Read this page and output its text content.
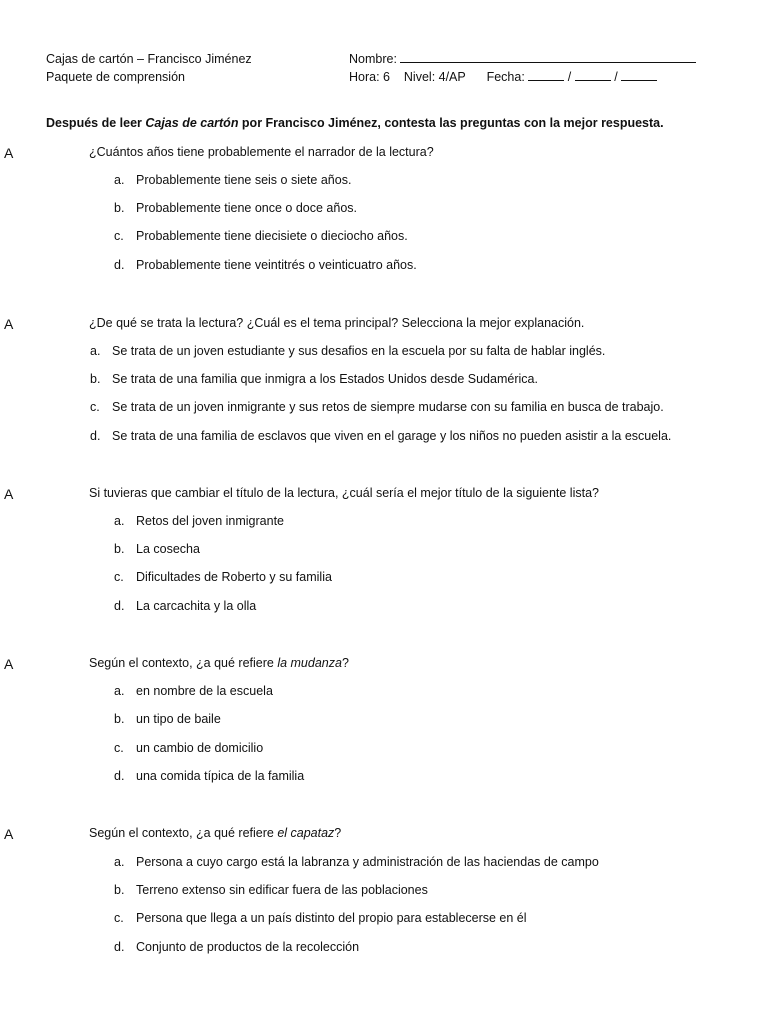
Cajas de cartón – Francisco Jiménez
Paquete de comprensión
Nombre:
Hora: 6 Nivel: 4/AP Fecha:	/	/
Después de leer Cajas de cartón por Francisco Jiménez, contesta las preguntas con la mejor respuesta.
A	¿Cuántos años tiene probablemente el narrador de la lectura?
a. Probablemente tiene seis o siete años.
b. Probablemente tiene once o doce años.
c. Probablemente tiene diecisiete o dieciocho años.
d. Probablemente tiene veintitrés o veinticuatro años.
A	¿De qué se trata la lectura? ¿Cuál es el tema principal? Selecciona la mejor explanación.
a. Se trata de un joven estudiante y sus desafios en la escuela por su falta de hablar inglés.
b. Se trata de una familia que inmigra a los Estados Unidos desde Sudamérica.
c. Se trata de un joven inmigrante y sus retos de siempre mudarse con su familia en busca de trabajo.
d. Se trata de una familia de esclavos que viven en el garage y los niños no pueden asistir a la escuela.
A	Si tuvieras que cambiar el título de la lectura, ¿cuál sería el mejor título de la siguiente lista?
a. Retos del joven inmigrante
b. La cosecha
c. Dificultades de Roberto y su familia
d. La carcachita y la olla
A	Según el contexto, ¿a qué refiere la mudanza?
a. en nombre de la escuela
b. un tipo de baile
c. un cambio de domicilio
d. una comida típica de la familia
A	Según el contexto, ¿a qué refiere el capataz?
a. Persona a cuyo cargo está la labranza y administración de las haciendas de campo
b. Terreno extenso sin edificar fuera de las poblaciones
c. Persona que llega a un país distinto del propio para establecerse en él
d. Conjunto de productos de la recolección
